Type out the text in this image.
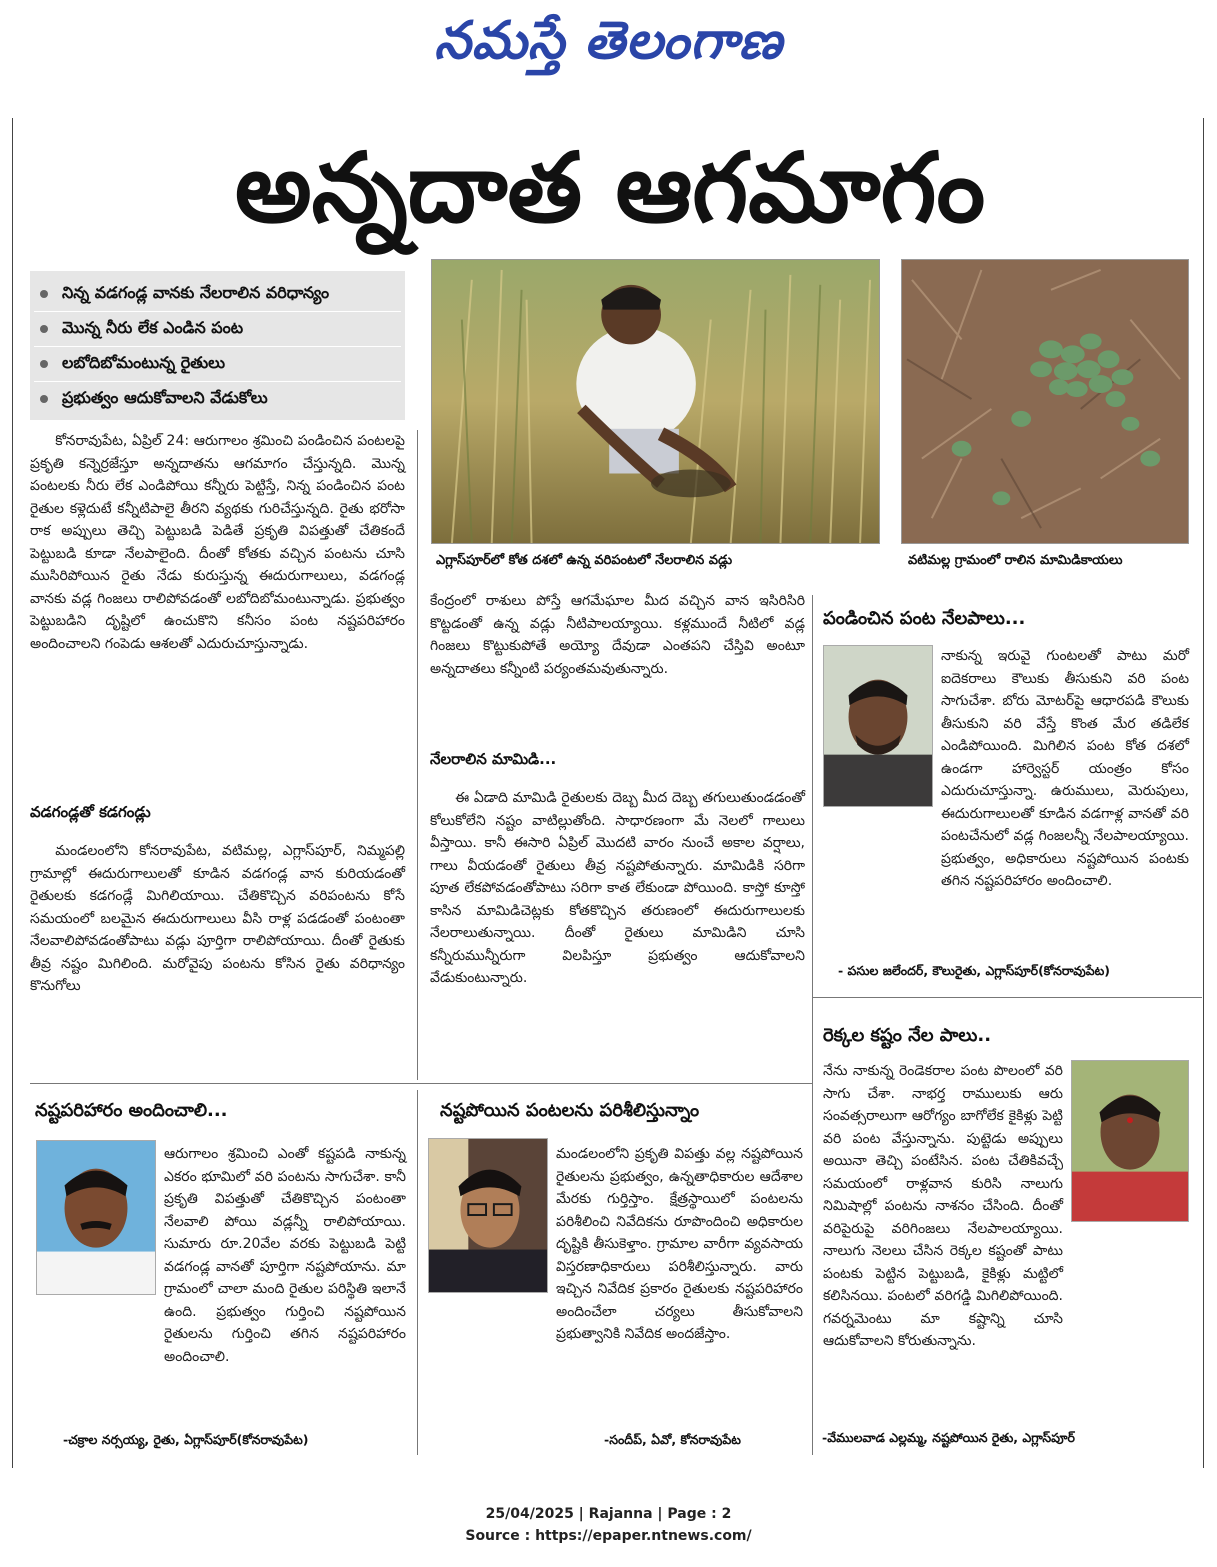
నమస్తే తెలంగాణ
అన్నదాత ఆగమాగం
నిన్న వడగండ్ల వానకు నేలరాలిన వరిధాన్యం
మొన్న నీరు లేక ఎండిన పంట
లబోదిబోమంటున్న రైతులు
ప్రభుత్వం ఆదుకోవాలని వేడుకోలు
ఎగ్లాస్‌పూర్‌లో కోత దశలో ఉన్న వరిపంటలో నేలరాలిన వడ్లు	వటిమల్ల గ్రామంలో రాలిన మామిడికాయలు

కోనరావుపేట, ఏప్రిల్ 24: ఆరుగాలం శ్రమించి పండించిన పంటలపై ప్రకృతి కన్నెర్రజేస్తూ అన్నదాతను ఆగమాగం చేస్తున్నది. మొన్న పంటలకు నీరు లేక ఎండిపోయి కన్నీరు పెట్టిస్తే, నిన్న పండించిన పంట రైతుల కళ్లెదుటే కన్నీటిపాలై తీరని వ్యథకు గురిచేస్తున్నది. రైతు భరోసా రాక అప్పులు తెచ్చి పెట్టుబడి పెడితే ప్రకృతి విపత్తుతో చేతికందే పెట్టుబడి కూడా నేలపాలైంది. దీంతో కోతకు వచ్చిన పంటను చూసి ముసిరిపోయిన రైతు నేడు కురుస్తున్న ఈదురుగాలులు, వడగండ్ల వానకు వడ్ల గింజలు రాలిపోవడంతో లబోదిబోమంటున్నాడు. ప్రభుత్వం పెట్టుబడిని దృష్టిలో ఉంచుకొని కనీసం పంట నష్టపరిహారం అందించాలని గంపెడు ఆశలతో ఎదురుచూస్తున్నాడు.

వడగండ్లతో కడగండ్లు

మండలంలోని కోనరావుపేట, వటిమల్ల, ఎగ్లాస్‌పూర్, నిమ్మపల్లి గ్రామాల్లో ఈదురుగాలులతో కూడిన వడగండ్ల వాన కురియడంతో రైతులకు కడగండ్లే మిగిలియాయి. చేతికొచ్చిన వరిపంటను కోసే సమయంలో బలమైన ఈదురుగాలులు వీసి రాళ్ల పడడంతో పంటంతా నేలవాలిపోవడంతోపాటు వడ్లు పూర్తిగా రాలిపోయాయి. దీంతో రైతుకు తీవ్ర నష్టం మిగిలింది. మరోవైపు పంటను కోసిన రైతు వరిధాన్యం కొనుగోలు

కేంద్రంలో రాశులు పోస్తే ఆగమేఘాల మీద వచ్చిన వాన ఇసిరిసిరి కొట్టడంతో ఉన్న వడ్లు నీటిపాలయ్యాయి. కళ్లముందే నీటిలో వడ్ల గింజలు కొట్టుకుపోతే అయ్యో దేవుడా ఎంతపని చేస్తివి అంటూ అన్నదాతలు కన్నీంటి పర్యంతమవుతున్నారు.

నేలరాలిన మామిడి...

ఈ ఏడాది మామిడి రైతులకు దెబ్బ మీద దెబ్బ తగులుతుండడంతో కోలుకోలేని నష్టం వాటిల్లుతోంది. సాధారణంగా మే నెలలో గాలులు వీస్తాయి. కానీ ఈసారి ఏప్రిల్ మొదటి వారం నుంచే అకాల వర్షాలు, గాలు వీయడంతో రైతులు తీవ్ర నష్టపోతున్నారు. మామిడికి సరిగా పూత లేకపోవడంతోపాటు సరిగా కాత లేకుండా పోయింది. కాస్తో కూస్తో కాసిన మామిడిచెట్లకు కోతకొచ్చిన తరుణంలో ఈదురుగాలులకు నేలరాలుతున్నాయి. దీంతో రైతులు మామిడిని చూసి కన్నీరుమున్నీరుగా విలపిస్తూ ప్రభుత్వం ఆదుకోవాలని వేడుకుంటున్నారు.

పండించిన పంట నేలపాలు...

నాకున్న ఇరువై గుంటలతో పాటు మరో ఐదెకరాలు కౌలుకు తీసుకుని వరి పంట సాగుచేశా. బోరు మోటర్‌పై ఆధారపడి కౌలుకు తీసుకుని వరి వేస్తే కొంత మేర తడిలేక ఎండిపోయింది. మిగిలిన పంట కోత దశలో ఉండగా హార్వెస్టర్ యంత్రం కోసం ఎదురుచూస్తున్నా. ఉరుములు, మెరుపులు, ఈదురుగాలులతో కూడిన వడగాళ్ల వానతో వరి పంటచేనులో వడ్ల గింజలన్నీ నేలపాలయ్యాయి. ప్రభుత్వం, అధికారులు నష్టపోయిన పంటకు తగిన నష్టపరిహారం అందించాలి.

- పసుల జలేందర్, కౌలురైతు, ఎగ్లాస్‌పూర్(కోనరావుపేట)
రెక్కల కష్టం నేల పాలు..

నేను నాకున్న రెండెకరాల పంట పొలంలో వరి సాగు చేశా. నాభర్త రాములుకు ఆరు సంవత్సరాలుగా ఆరోగ్యం బాగోలేక కైకిళ్లు పెట్టి వరి పంట వేస్తున్నాను. పుట్టెడు అప్పులు అయినా తెచ్చి పంటేసిన. పంట చేతికివచ్చే సమయంలో రాళ్లవాన కురిసి నాలుగు నిమిషాల్లో పంటను నాశనం చేసింది. దీంతో వరిపైరుపై వరిగింజలు నేలపాలయ్యాయి. నాలుగు నెలలు చేసిన రెక్కల కష్టంతో పాటు పంటకు పెట్టిన పెట్టుబడి, కైకిళ్లు మట్టిలో కలిసినయి. పంటలో వరిగడ్డి మిగిలిపోయింది. గవర్నమెంటు మా కష్టాన్ని చూసి ఆదుకోవాలని కోరుతున్నాను.

-వేములవాడ ఎల్లమ్మ, నష్టపోయిన రైతు, ఎగ్లాస్‌పూర్
నష్టపరిహారం అందించాలి...

ఆరుగాలం శ్రమించి ఎంతో కష్టపడి నాకున్న ఎకరం భూమిలో వరి పంటను సాగుచేశా. కానీ ప్రకృతి విపత్తుతో చేతికొచ్చిన పంటంతా నేలవాలి పోయి వడ్లన్నీ రాలిపోయాయి. సుమారు రూ.20వేల వరకు పెట్టుబడి పెట్టి వడగండ్ల వానతో పూర్తిగా నష్టపోయాను. మా గ్రామంలో చాలా మంది రైతుల పరిస్థితి ఇలానే ఉంది. ప్రభుత్వం గుర్తించి నష్టపోయిన రైతులను గుర్తించి తగిన నష్టపరిహారం అందించాలి.

-చక్రాల నర్సయ్య, రైతు, ఏగ్లాస్‌పూర్(కోనరావుపేట)
నష్టపోయిన పంటలను పరిశీలిస్తున్నాం

మండలంలోని ప్రకృతి విపత్తు వల్ల నష్టపోయిన రైతులను ప్రభుత్వం, ఉన్నతాధికారుల ఆదేశాల మేరకు గుర్తిస్తాం. క్షేత్రస్థాయిలో పంటలను పరిశీలించి నివేదికను రూపొందించి అధికారుల దృష్టికి తీసుకెళ్తాం. గ్రామాల వారీగా వ్యవసాయ విస్తరణాధికారులు పరిశీలిస్తున్నారు. వారు ఇచ్చిన నివేదిక ప్రకారం రైతులకు నష్టపరిహారం అందించేలా చర్యలు తీసుకోవాలని ప్రభుత్వానికి నివేదిక అందజేస్తాం.

-సందీప్, ఏవో, కోనరావుపేట
25/04/2025 | Rajanna | Page : 2
Source : https://epaper.ntnews.com/
